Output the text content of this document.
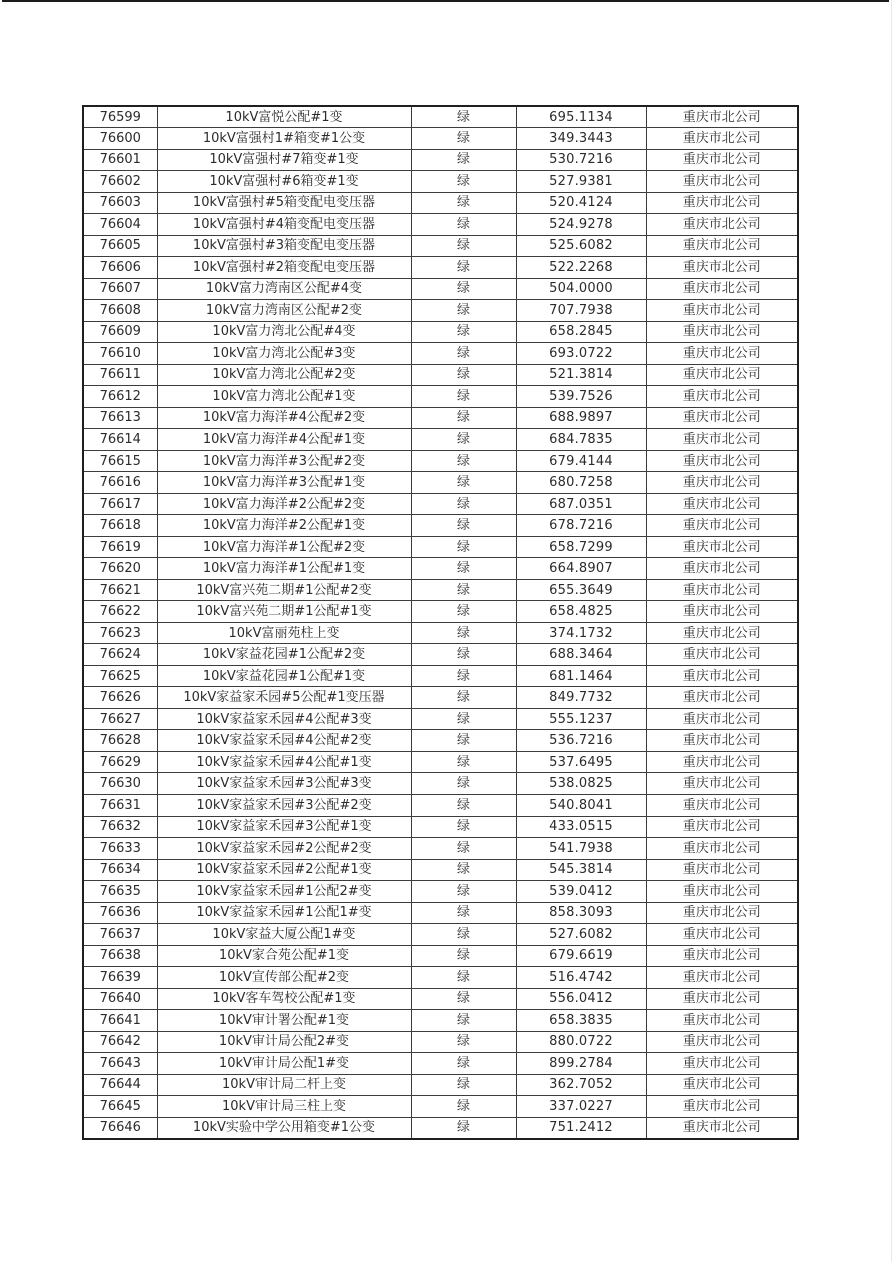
76599	10kV富悦公配#1变	绿	695.1134	重庆市北公司
76600	10kV富强村1#箱变#1公变	绿	349.3443	重庆市北公司
76601	10kV富强村#7箱变#1变	绿	530.7216	重庆市北公司
76602	10kV富强村#6箱变#1变	绿	527.9381	重庆市北公司
76603	10kV富强村#5箱变配电变压器	绿	520.4124	重庆市北公司
76604	10kV富强村#4箱变配电变压器	绿	524.9278	重庆市北公司
76605	10kV富强村#3箱变配电变压器	绿	525.6082	重庆市北公司
76606	10kV富强村#2箱变配电变压器	绿	522.2268	重庆市北公司
76607	10kV富力湾南区公配#4变	绿	504.0000	重庆市北公司
76608	10kV富力湾南区公配#2变	绿	707.7938	重庆市北公司
76609	10kV富力湾北公配#4变	绿	658.2845	重庆市北公司
76610	10kV富力湾北公配#3变	绿	693.0722	重庆市北公司
76611	10kV富力湾北公配#2变	绿	521.3814	重庆市北公司
76612	10kV富力湾北公配#1变	绿	539.7526	重庆市北公司
76613	10kV富力海洋#4公配#2变	绿	688.9897	重庆市北公司
76614	10kV富力海洋#4公配#1变	绿	684.7835	重庆市北公司
76615	10kV富力海洋#3公配#2变	绿	679.4144	重庆市北公司
76616	10kV富力海洋#3公配#1变	绿	680.7258	重庆市北公司
76617	10kV富力海洋#2公配#2变	绿	687.0351	重庆市北公司
76618	10kV富力海洋#2公配#1变	绿	678.7216	重庆市北公司
76619	10kV富力海洋#1公配#2变	绿	658.7299	重庆市北公司
76620	10kV富力海洋#1公配#1变	绿	664.8907	重庆市北公司
76621	10kV富兴苑二期#1公配#2变	绿	655.3649	重庆市北公司
76622	10kV富兴苑二期#1公配#1变	绿	658.4825	重庆市北公司
76623	10kV富丽苑柱上变	绿	374.1732	重庆市北公司
76624	10kV家益花园#1公配#2变	绿	688.3464	重庆市北公司
76625	10kV家益花园#1公配#1变	绿	681.1464	重庆市北公司
76626	10kV家益家禾园#5公配#1变压器	绿	849.7732	重庆市北公司
76627	10kV家益家禾园#4公配#3变	绿	555.1237	重庆市北公司
76628	10kV家益家禾园#4公配#2变	绿	536.7216	重庆市北公司
76629	10kV家益家禾园#4公配#1变	绿	537.6495	重庆市北公司
76630	10kV家益家禾园#3公配#3变	绿	538.0825	重庆市北公司
76631	10kV家益家禾园#3公配#2变	绿	540.8041	重庆市北公司
76632	10kV家益家禾园#3公配#1变	绿	433.0515	重庆市北公司
76633	10kV家益家禾园#2公配#2变	绿	541.7938	重庆市北公司
76634	10kV家益家禾园#2公配#1变	绿	545.3814	重庆市北公司
76635	10kV家益家禾园#1公配2#变	绿	539.0412	重庆市北公司
76636	10kV家益家禾园#1公配1#变	绿	858.3093	重庆市北公司
76637	10kV家益大厦公配1#变	绿	527.6082	重庆市北公司
76638	10kV家合苑公配#1变	绿	679.6619	重庆市北公司
76639	10kV宣传部公配#2变	绿	516.4742	重庆市北公司
76640	10kV客车驾校公配#1变	绿	556.0412	重庆市北公司
76641	10kV审计署公配#1变	绿	658.3835	重庆市北公司
76642	10kV审计局公配2#变	绿	880.0722	重庆市北公司
76643	10kV审计局公配1#变	绿	899.2784	重庆市北公司
76644	10kV审计局二杆上变	绿	362.7052	重庆市北公司
76645	10kV审计局三柱上变	绿	337.0227	重庆市北公司
76646	10kV实验中学公用箱变#1公变	绿	751.2412	重庆市北公司
